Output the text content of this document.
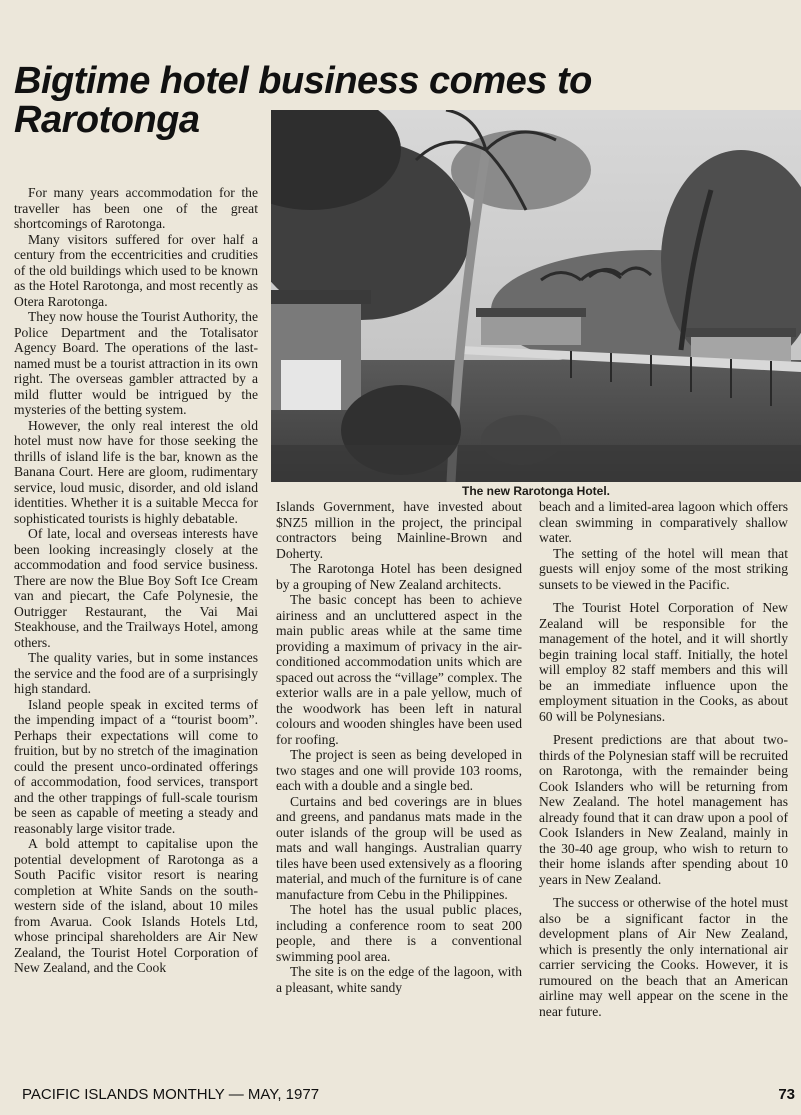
Bigtime hotel business comes to
Rarotonga
The new Rarotonga Hotel.

For many years accommodation for the traveller has been one of the great shortcomings of Rarotonga.

Many visitors suffered for over half a century from the eccentricities and crudities of the old buildings which used to be known as the Hotel Rarotonga, and most recently as Otera Rarotonga.

They now house the Tourist Authority, the Police Department and the Totalisator Agency Board. The operations of the last-named must be a tourist attraction in its own right. The overseas gambler attracted by a mild flutter would be intrigued by the mysteries of the betting system.

However, the only real interest the old hotel must now have for those seeking the thrills of island life is the bar, known as the Banana Court. Here are gloom, rudimentary service, loud music, disorder, and old island identities. Whether it is a suitable Mecca for sophisticated tourists is highly debatable.

Of late, local and overseas interests have been looking increasingly closely at the accommodation and food service business. There are now the Blue Boy Soft Ice Cream van and piecart, the Cafe Polynesie, the Outrigger Restaurant, the Vai Mai Steakhouse, and the Trailways Hotel, among others.

The quality varies, but in some instances the service and the food are of a surprisingly high standard.

Island people speak in excited terms of the impending impact of a “tourist boom”. Perhaps their expectations will come to fruition, but by no stretch of the imagination could the present unco-ordinated offerings of accommodation, food services, transport and the other trappings of full-scale tourism be seen as capable of meeting a steady and reasonably large visitor trade.

A bold attempt to capitalise upon the potential development of Rarotonga as a South Pacific visitor resort is nearing completion at White Sands on the south-western side of the island, about 10 miles from Avarua. Cook Islands Hotels Ltd, whose principal shareholders are Air New Zealand, the Tourist Hotel Corporation of New Zealand, and the Cook

Islands Government, have invested about $NZ5 million in the project, the principal contractors being Mainline-Brown and Doherty.

The Rarotonga Hotel has been designed by a grouping of New Zealand architects.

The basic concept has been to achieve airiness and an uncluttered aspect in the main public areas while at the same time providing a maximum of privacy in the air-conditioned accommodation units which are spaced out across the “village” complex. The exterior walls are in a pale yellow, much of the woodwork has been left in natural colours and wooden shingles have been used for roofing.

The project is seen as being developed in two stages and one will provide 103 rooms, each with a double and a single bed.

Curtains and bed coverings are in blues and greens, and pandanus mats made in the outer islands of the group will be used as mats and wall hangings. Australian quarry tiles have been used extensively as a flooring material, and much of the furniture is of cane manufacture from Cebu in the Philippines.

The hotel has the usual public places, including a conference room to seat 200 people, and there is a conventional swimming pool area.

The site is on the edge of the lagoon, with a pleasant, white sandy

beach and a limited-area lagoon which offers clean swimming in comparatively shallow water.

The setting of the hotel will mean that guests will enjoy some of the most striking sunsets to be viewed in the Pacific.

The Tourist Hotel Corporation of New Zealand will be responsible for the management of the hotel, and it will shortly begin training local staff. Initially, the hotel will employ 82 staff members and this will be an immediate influence upon the employment situation in the Cooks, as about 60 will be Polynesians.

Present predictions are that about two-thirds of the Polynesian staff will be recruited on Rarotonga, with the remainder being Cook Islanders who will be returning from New Zealand. The hotel management has already found that it can draw upon a pool of Cook Islanders in New Zealand, mainly in the 30-40 age group, who wish to return to their home islands after spending about 10 years in New Zealand.

The success or otherwise of the hotel must also be a significant factor in the development plans of Air New Zealand, which is presently the only international air carrier servicing the Cooks. However, it is rumoured on the beach that an American airline may well appear on the scene in the near future.

PACIFIC ISLANDS MONTHLY — MAY, 1977	73
